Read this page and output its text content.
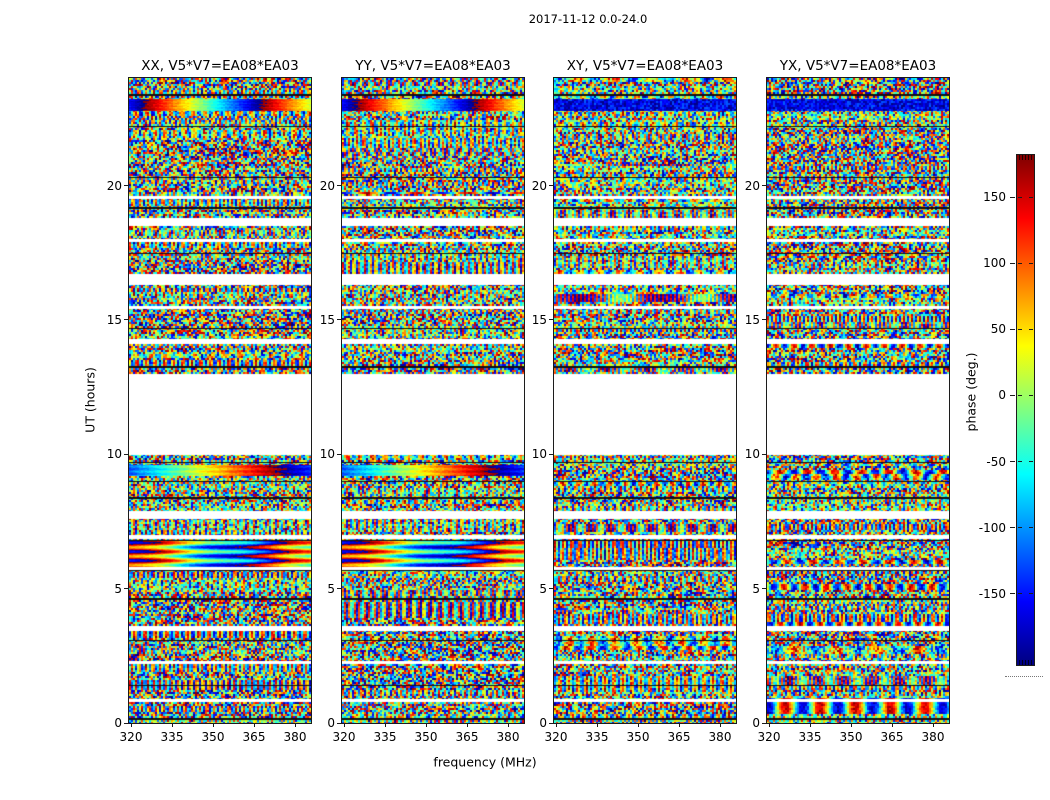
2017-11-12 0.0-24.0
UT (hours)
frequency (MHz)
XX, V5*V7=EA08*EA03	YY, V5*V7=EA08*EA03	XY, V5*V7=EA08*EA03	YX, V5*V7=EA08*EA03
phase (deg.)
0	0	0	0
5	5	5	5
10	10	10	10
15	15	15	15
20	20	20	20
320	320	320	320
335	335	335	335
350	350	350	350
365	365	365	365
380	380	380	380
150
100
50
0
-50
-100
-150
